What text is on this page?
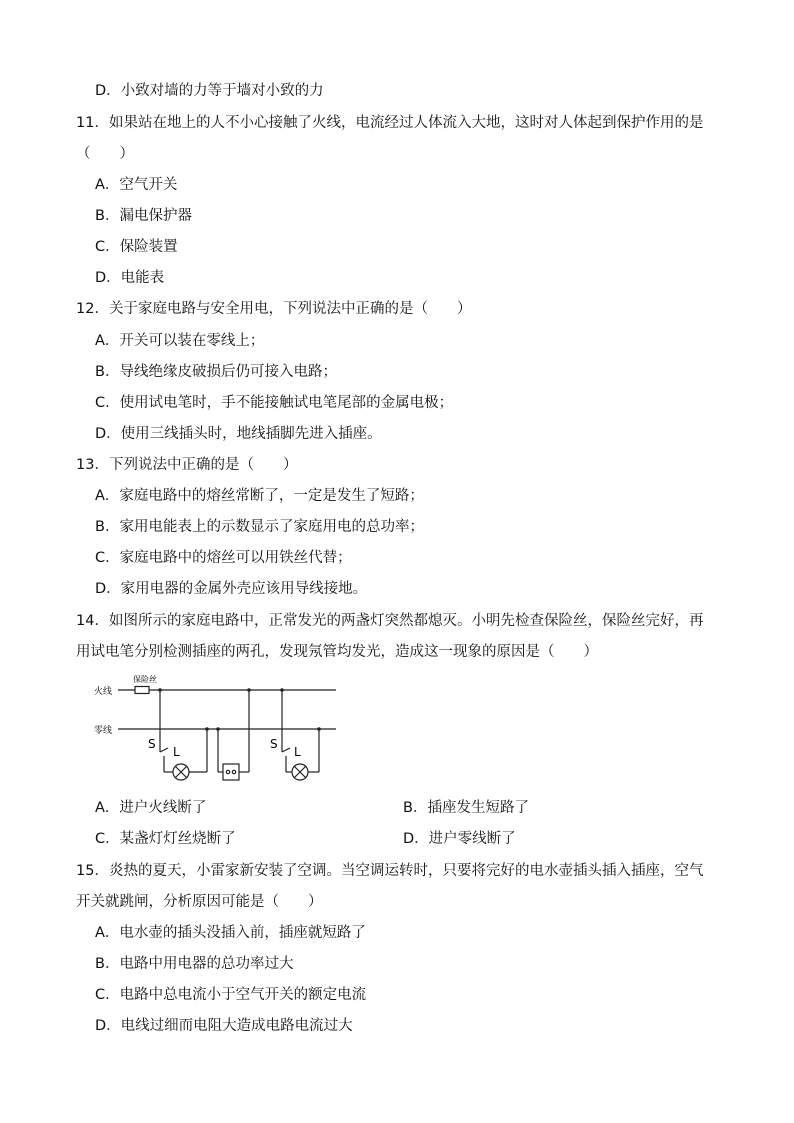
D．小致对墙的力等于墙对小致的力
11．如果站在地上的人不小心接触了火线，电流经过人体流入大地，这时对人体起到保护作用的是
（　　）
A．空气开关
B．漏电保护器
C．保险装置
D．电能表
12．关于家庭电路与安全用电，下列说法中正确的是（　　）
A．开关可以装在零线上；
B．导线绝缘皮破损后仍可接入电路；
C．使用试电笔时，手不能接触试电笔尾部的金属电极；
D．使用三线插头时，地线插脚先进入插座。
13．下列说法中正确的是（　　）
A．家庭电路中的熔丝常断了，一定是发生了短路；
B．家用电能表上的示数显示了家庭用电的总功率；
C．家庭电路中的熔丝可以用铁丝代替；
D．家用电器的金属外壳应该用导线接地。
14．如图所示的家庭电路中，正常发光的两盏灯突然都熄灭。小明先检查保险丝，保险丝完好，再
用试电笔分别检测插座的两孔，发现氖管均发光，造成这一现象的原因是（　　）
火线
零线
保险丝
S
L
S
L
A．进户火线断了	B．插座发生短路了
C．某盏灯灯丝烧断了	D．进户零线断了
15．炎热的夏天，小雷家新安装了空调。当空调运转时，只要将完好的电水壶插头插入插座，空气
开关就跳闸，分析原因可能是（　　）
A．电水壶的插头没插入前，插座就短路了
B．电路中用电器的总功率过大
C．电路中总电流小于空气开关的额定电流
D．电线过细而电阻大造成电路电流过大
